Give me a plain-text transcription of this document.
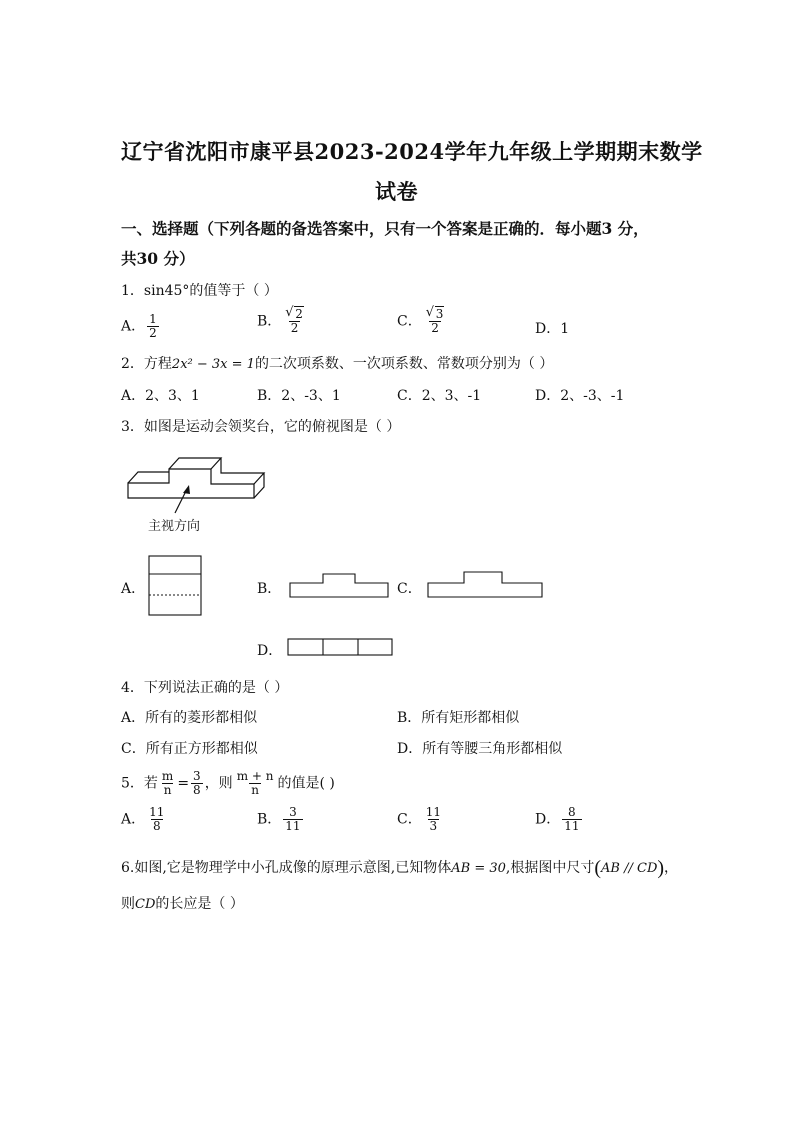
辽宁省沈阳市康平县2023-2024学年九年级上学期期末数学
试卷
一、选择题（下列各题的备选答案中，只有一个答案是正确的．每小题3 分，
共30 分）
1．sin45°的值等于（ ）
A． $\frac{1}{2}$	B． √ $\frac{2}{2}$	C． √ $\frac{3}{2}$	D．1
2．方程2x² − 3x = 1的二次项系数、一次项系数、常数项分别为（ ）
A．2、3、1	B．2、-3、1	C．2、3、-1	D．2、-3、-1
3．如图是运动会领奖台，它的俯视图是（ ）
主视方向
A．	B．	C．
D．
4．下列说法正确的是（ ）
A．所有的菱形都相似	B．所有矩形都相似
C．所有正方形都相似	D．所有等腰三角形都相似
5．若 $\frac{m}{n} = \frac{3}{8}$ ，则 $\frac{m + n}{n}$ 的值是( )
A． $\frac{11}{8}$	B． $\frac{3}{11}$	C． $\frac{11}{3}$	D． $\frac{8}{11}$
6.如图,它是物理学中小孔成像的原理示意图,已知物体AB = 30,根据图中尺寸(AB // CD)，
则CD的长应是（ ）
